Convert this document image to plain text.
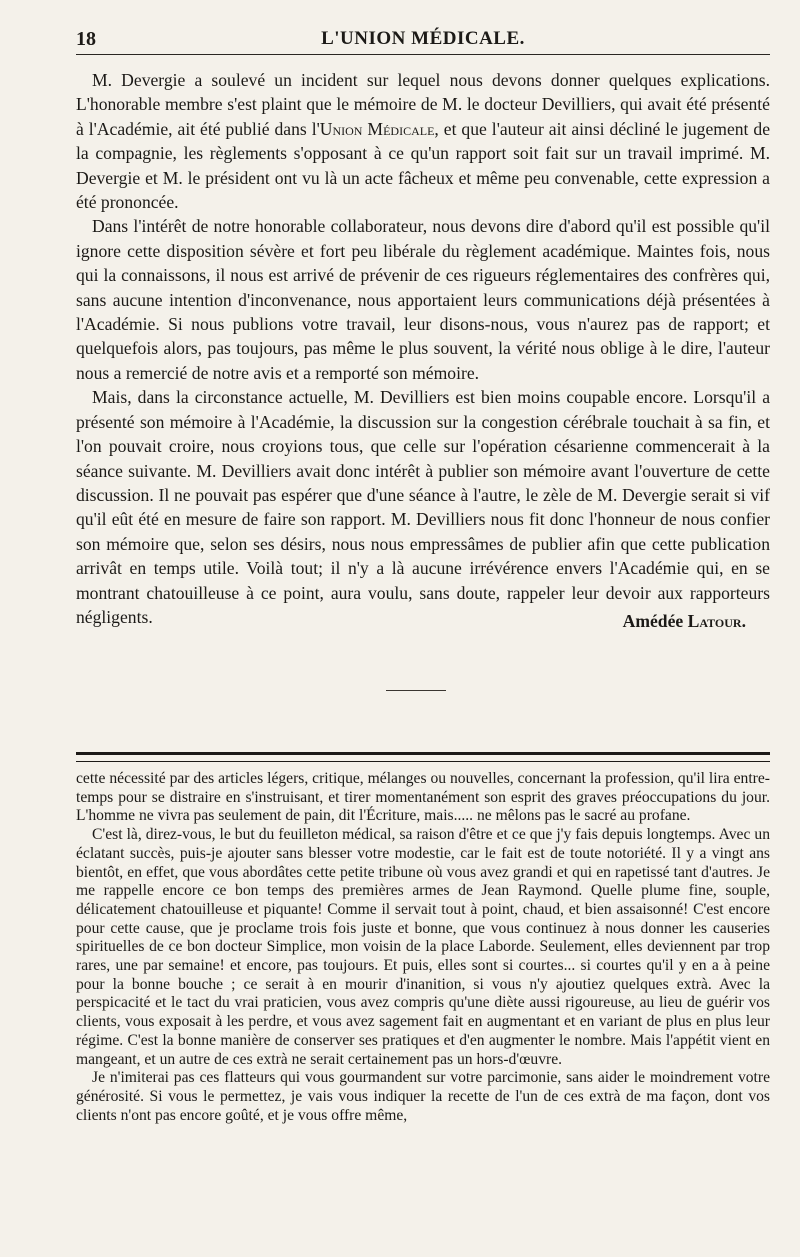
18	L'UNION MÉDICALE.

M. Devergie a soulevé un incident sur lequel nous devons donner quelques explications. L'honorable membre s'est plaint que le mémoire de M. le docteur Devilliers, qui avait été présenté à l'Académie, ait été publié dans l'Union Médicale, et que l'auteur ait ainsi décliné le jugement de la compagnie, les règlements s'opposant à ce qu'un rapport soit fait sur un travail imprimé. M. Devergie et M. le président ont vu là un acte fâcheux et même peu convenable, cette expression a été prononcée.

Dans l'intérêt de notre honorable collaborateur, nous devons dire d'abord qu'il est possible qu'il ignore cette disposition sévère et fort peu libérale du règlement académique. Maintes fois, nous qui la connaissons, il nous est arrivé de prévenir de ces rigueurs réglementaires des confrères qui, sans aucune intention d'inconvenance, nous apportaient leurs communications déjà présentées à l'Académie. Si nous publions votre travail, leur disons-nous, vous n'aurez pas de rapport; et quelquefois alors, pas toujours, pas même le plus souvent, la vérité nous oblige à le dire, l'auteur nous a remercié de notre avis et a remporté son mémoire.

Mais, dans la circonstance actuelle, M. Devilliers est bien moins coupable encore. Lorsqu'il a présenté son mémoire à l'Académie, la discussion sur la congestion cérébrale touchait à sa fin, et l'on pouvait croire, nous croyions tous, que celle sur l'opération césarienne commencerait à la séance suivante. M. Devilliers avait donc intérêt à publier son mémoire avant l'ouverture de cette discussion. Il ne pouvait pas espérer que d'une séance à l'autre, le zèle de M. Devergie serait si vif qu'il eût été en mesure de faire son rapport. M. Devilliers nous fit donc l'honneur de nous confier son mémoire que, selon ses désirs, nous nous empressâmes de publier afin que cette publication arrivât en temps utile. Voilà tout; il n'y a là aucune irrévérence envers l'Académie qui, en se montrant chatouilleuse à ce point, aura voulu, sans doute, rappeler leur devoir aux rapporteurs négligents.	Amédée Latour.

cette nécessité par des articles légers, critique, mélanges ou nouvelles, concernant la profession, qu'il lira entre-temps pour se distraire en s'instruisant, et tirer momentanément son esprit des graves préoccupations du jour. L'homme ne vivra pas seulement de pain, dit l'Écriture, mais..... ne mêlons pas le sacré au profane.

C'est là, direz-vous, le but du feuilleton médical, sa raison d'être et ce que j'y fais depuis longtemps. Avec un éclatant succès, puis-je ajouter sans blesser votre modestie, car le fait est de toute notoriété. Il y a vingt ans bientôt, en effet, que vous abordâtes cette petite tribune où vous avez grandi et qui en rapetissé tant d'autres. Je me rappelle encore ce bon temps des premières armes de Jean Raymond. Quelle plume fine, souple, délicatement chatouilleuse et piquante! Comme il servait tout à point, chaud, et bien assaisonné! C'est encore pour cette cause, que je proclame trois fois juste et bonne, que vous continuez à nous donner les causeries spirituelles de ce bon docteur Simplice, mon voisin de la place Laborde. Seulement, elles deviennent par trop rares, une par semaine! et encore, pas toujours. Et puis, elles sont si courtes... si courtes qu'il y en a à peine pour la bonne bouche ; ce serait à en mourir d'inanition, si vous n'y ajoutiez quelques extrà. Avec la perspicacité et le tact du vrai praticien, vous avez compris qu'une diète aussi rigoureuse, au lieu de guérir vos clients, vous exposait à les perdre, et vous avez sagement fait en augmentant et en variant de plus en plus leur régime. C'est la bonne manière de conserver ses pratiques et d'en augmenter le nombre. Mais l'appétit vient en mangeant, et un autre de ces extrà ne serait certainement pas un hors-d'œuvre.

Je n'imiterai pas ces flatteurs qui vous gourmandent sur votre parcimonie, sans aider le moindrement votre générosité. Si vous le permettez, je vais vous indiquer la recette de l'un de ces extrà de ma façon, dont vos clients n'ont pas encore goûté, et je vous offre même,
